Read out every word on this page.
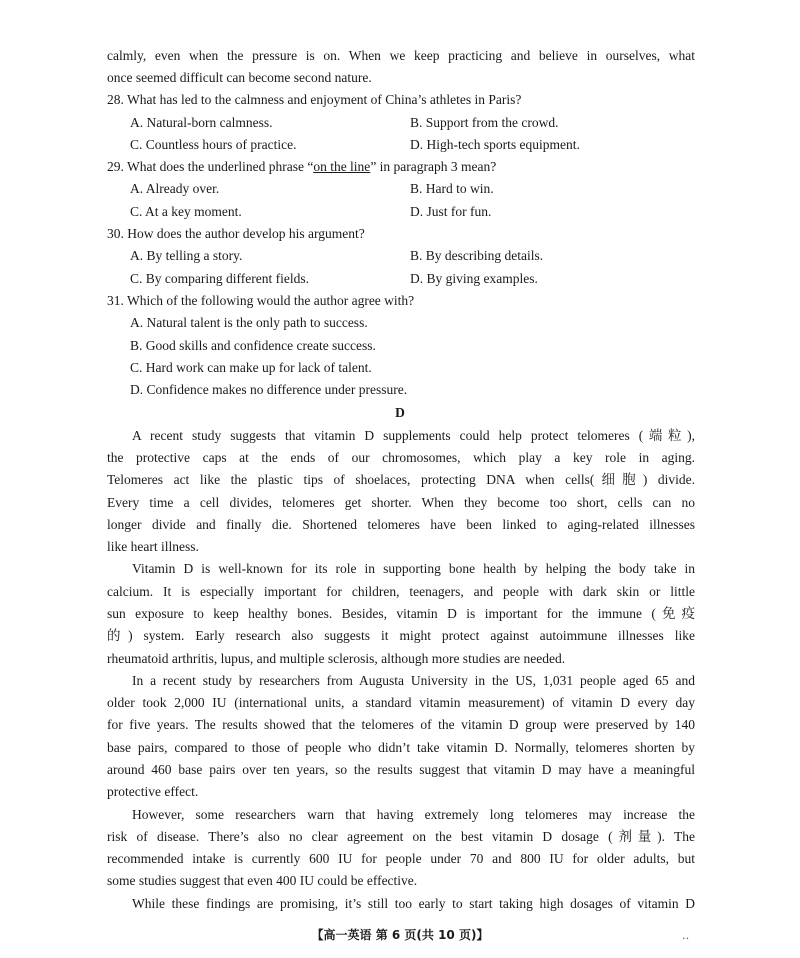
calmly, even when the pressure is on. When we keep practicing and believe in ourselves, what
once seemed difficult can become second nature.
28. What has led to the calmness and enjoyment of China’s athletes in Paris?
A. Natural-born calmness.	B. Support from the crowd.
C. Countless hours of practice.	D. High-tech sports equipment.
29. What does the underlined phrase “on the line” in paragraph 3 mean?
A. Already over.	B. Hard to win.
C. At a key moment.	D. Just for fun.
30. How does the author develop his argument?
A. By telling a story.	B. By describing details.
C. By comparing different fields.	D. By giving examples.
31. Which of the following would the author agree with?
A. Natural talent is the only path to success.
B. Good skills and confidence create success.
C. Hard work can make up for lack of talent.
D. Confidence makes no difference under pressure.
D
A recent study suggests that vitamin D supplements could help protect telomeres (端粒),
the protective caps at the ends of our chromosomes, which play a key role in aging.
Telomeres act like the plastic tips of shoelaces, protecting DNA when cells(细胞) divide.
Every time a cell divides, telomeres get shorter. When they become too short, cells can no
longer divide and finally die. Shortened telomeres have been linked to aging-related illnesses
like heart illness.
Vitamin D is well-known for its role in supporting bone health by helping the body take in
calcium. It is especially important for children, teenagers, and people with dark skin or little
sun exposure to keep healthy bones. Besides, vitamin D is important for the immune (免疫
的) system. Early research also suggests it might protect against autoimmune illnesses like
rheumatoid arthritis, lupus, and multiple sclerosis, although more studies are needed.
In a recent study by researchers from Augusta University in the US, 1,031 people aged 65 and
older took 2,000 IU (international units, a standard vitamin measurement) of vitamin D every day
for five years. The results showed that the telomeres of the vitamin D group were preserved by 140
base pairs, compared to those of people who didn’t take vitamin D. Normally, telomeres shorten by
around 460 base pairs over ten years, so the results suggest that vitamin D may have a meaningful
protective effect.
However, some researchers warn that having extremely long telomeres may increase the
risk of disease. There’s also no clear agreement on the best vitamin D dosage (剂量). The
recommended intake is currently 600 IU for people under 70 and 800 IU for older adults, but
some studies suggest that even 400 IU could be effective.
While these findings are promising, it’s still too early to start taking high dosages of vitamin D
【高一英语 第 6 页(共 10 页)】	‥
